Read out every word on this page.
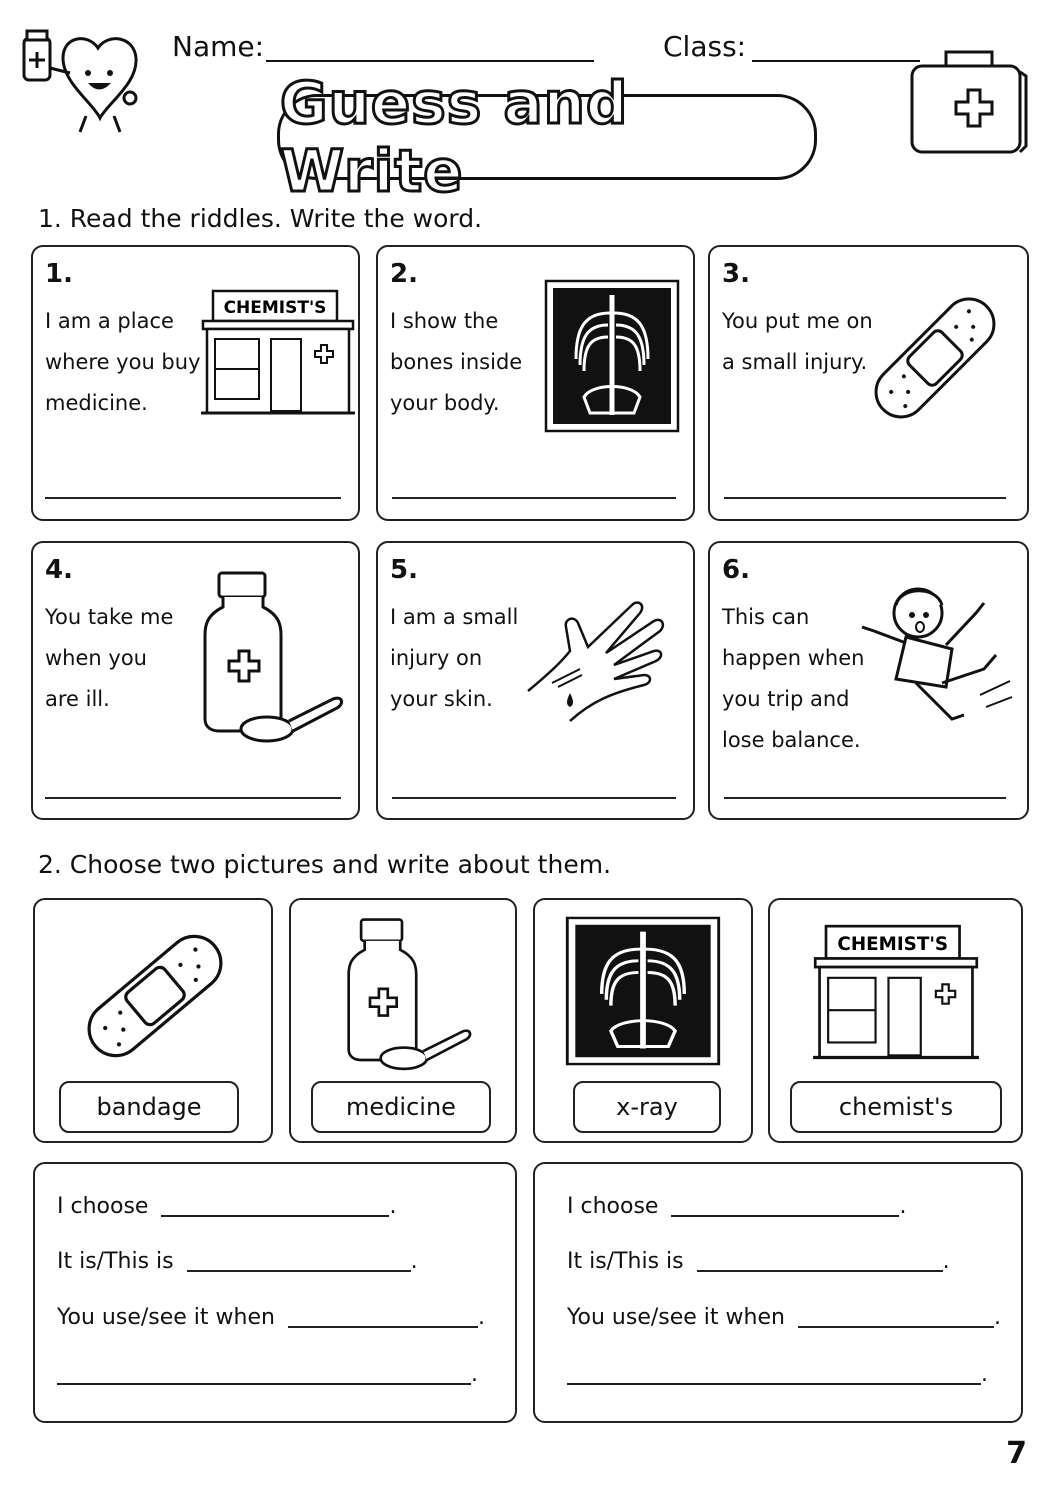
Name:	Class:
Guess and Write
1. Read the riddles. Write the word.
1.
I am a place
where you buy
medicine.
CHEMIST'S
2.
I show the
bones inside
your body.
3.
You put me on
a small injury.
4.
You take me
when you
are ill.
5.
I am a small
injury on
your skin.
6.
This can
happen when
you trip and
lose balance.
2. Choose two pictures and write about them.
bandage	medicine	x-ray
CHEMIST'S
chemist's
I choose	.
It is/This is	.
You use/see it when	.
.
I choose	.
It is/This is	.
You use/see it when	.
.
7
